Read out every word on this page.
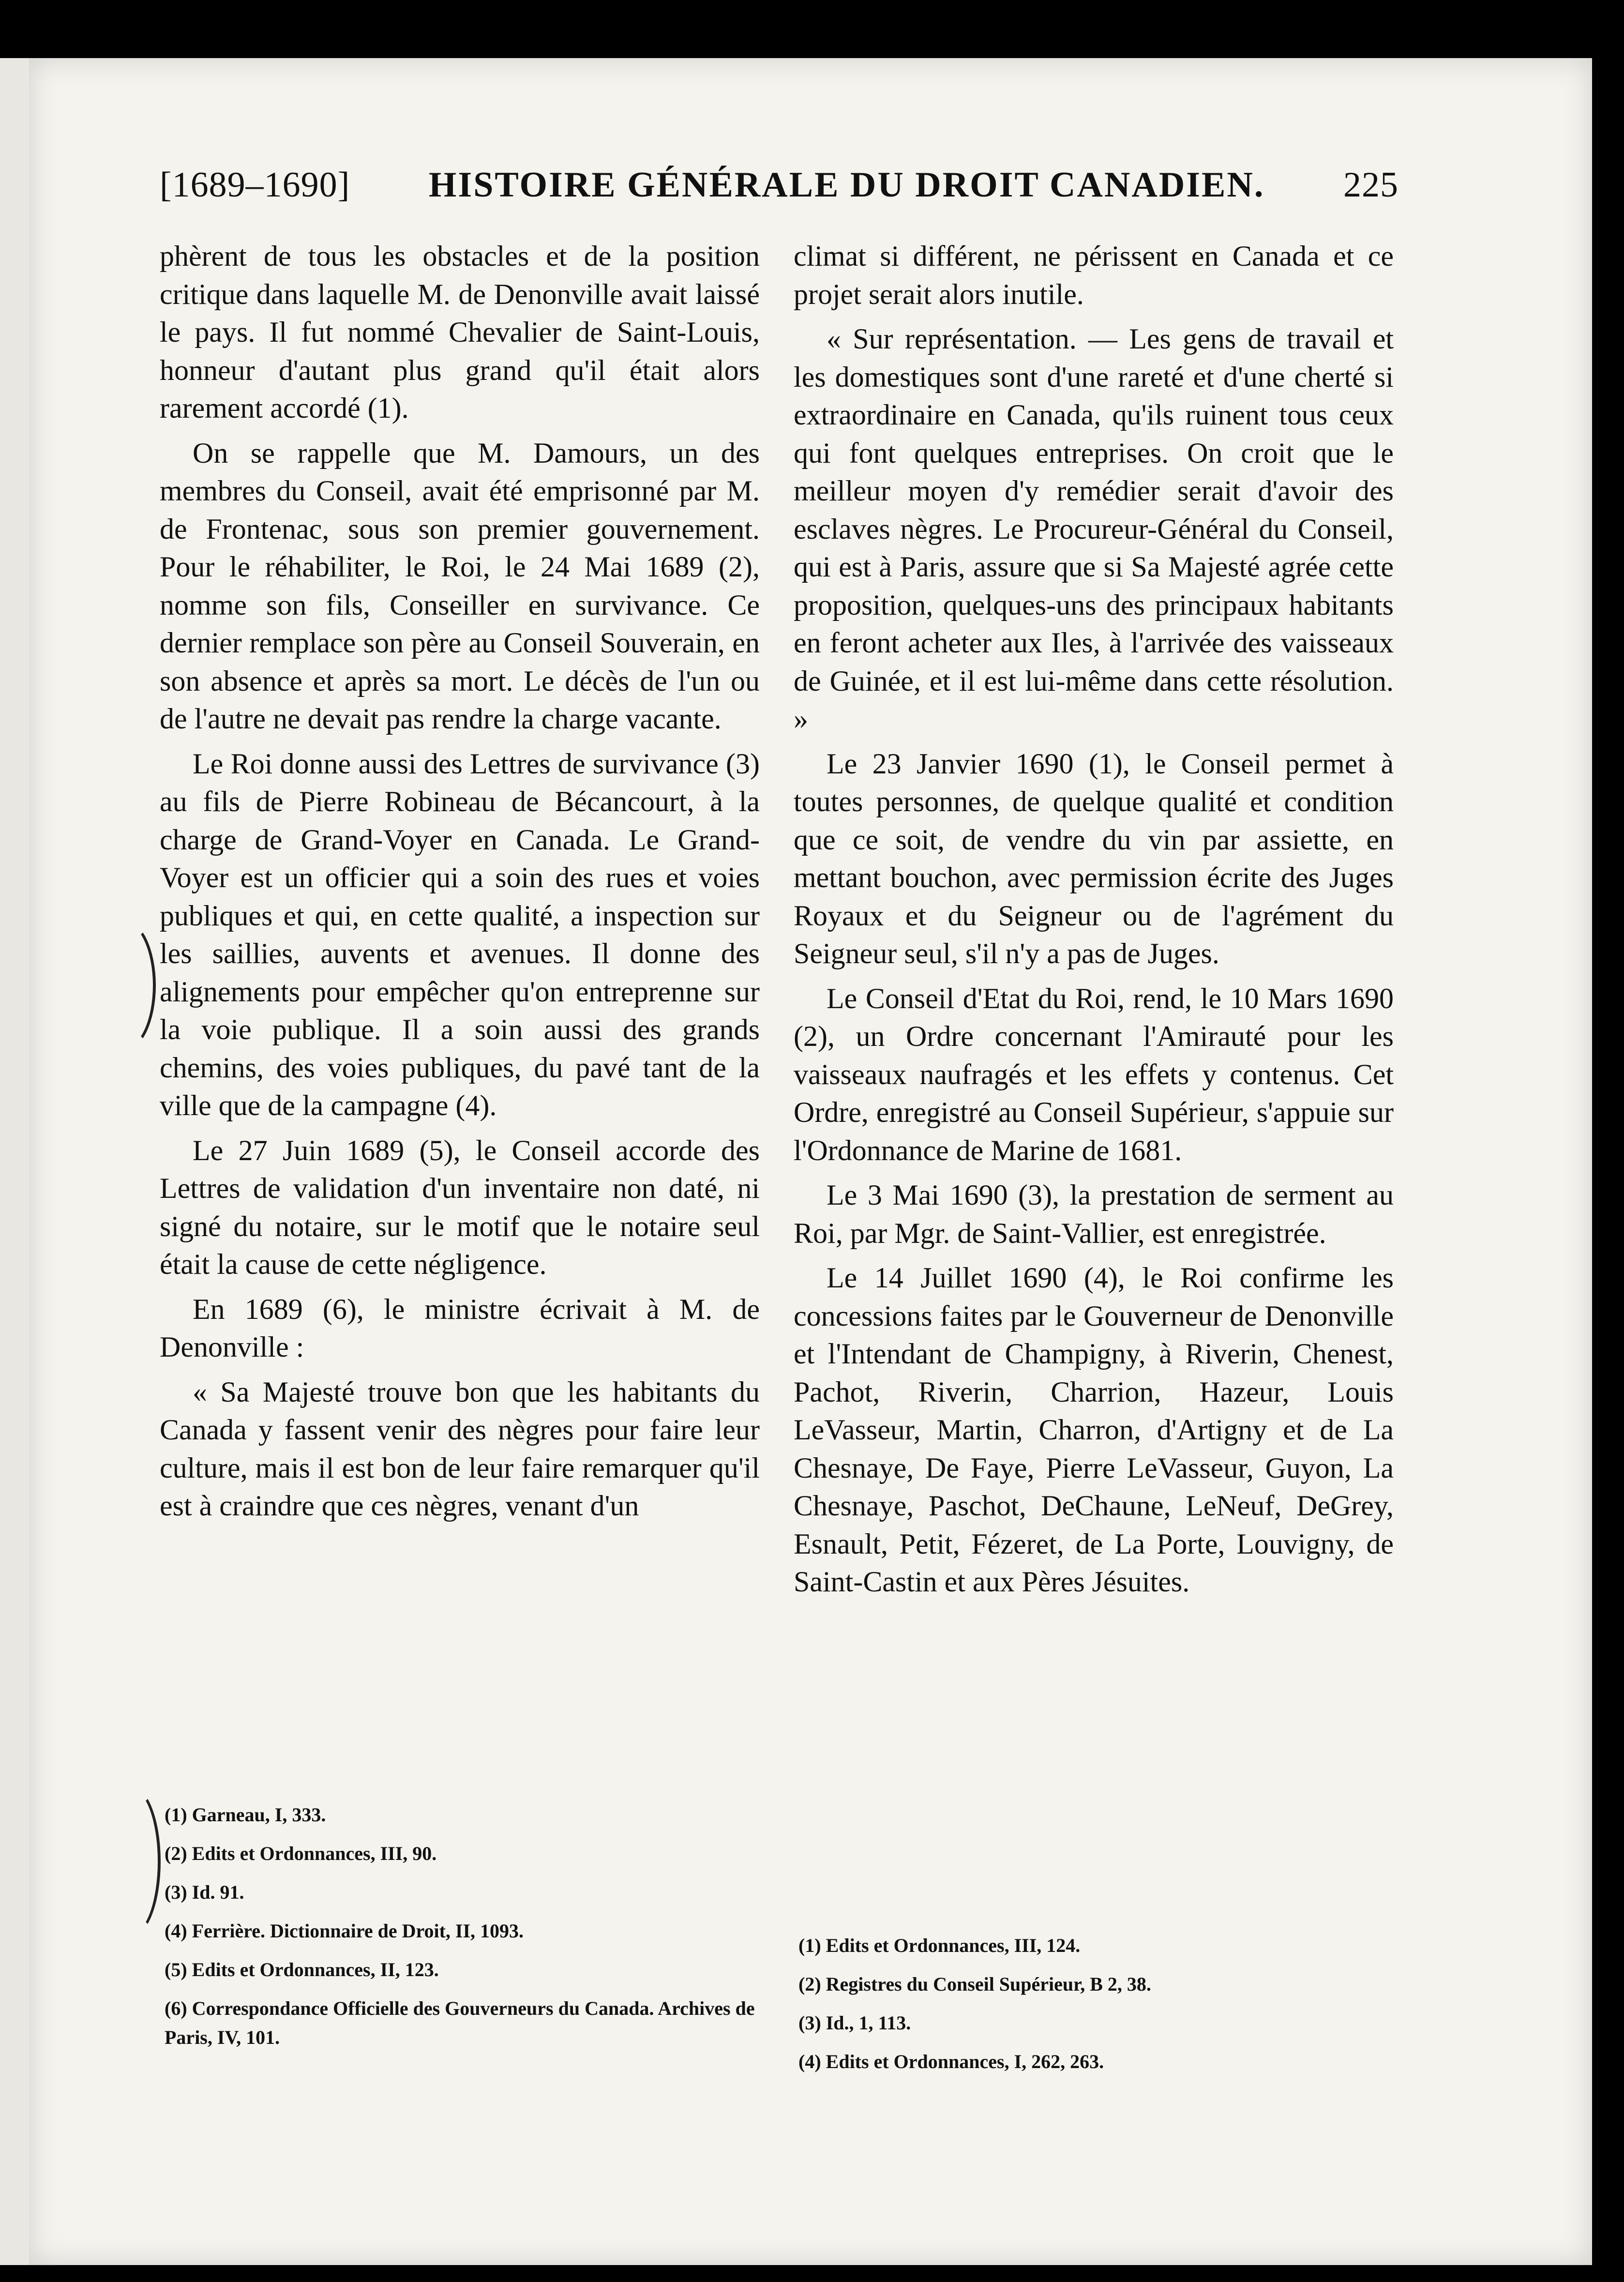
[1689–1690] HISTOIRE GÉNÉRALE DU DROIT CANADIEN. 225

phèrent de tous les obstacles et de la position critique dans laquelle M. de Denonville avait laissé le pays. Il fut nommé Chevalier de Saint-Louis, honneur d'autant plus grand qu'il était alors rarement accordé (1).

On se rappelle que M. Damours, un des membres du Conseil, avait été emprisonné par M. de Frontenac, sous son premier gouvernement. Pour le réhabiliter, le Roi, le 24 Mai 1689 (2), nomme son fils, Conseiller en survivance. Ce dernier remplace son père au Conseil Souverain, en son absence et après sa mort. Le décès de l'un ou de l'autre ne devait pas rendre la charge vacante.

Le Roi donne aussi des Lettres de survivance (3) au fils de Pierre Robineau de Bécancourt, à la charge de Grand-Voyer en Canada. Le Grand-Voyer est un officier qui a soin des rues et voies publiques et qui, en cette qualité, a inspection sur les saillies, auvents et avenues. Il donne des alignements pour empêcher qu'on entreprenne sur la voie publique. Il a soin aussi des grands chemins, des voies publiques, du pavé tant de la ville que de la campagne (4).

Le 27 Juin 1689 (5), le Conseil accorde des Lettres de validation d'un inventaire non daté, ni signé du notaire, sur le motif que le notaire seul était la cause de cette négligence.

En 1689 (6), le ministre écrivait à M. de Denonville :

« Sa Majesté trouve bon que les habitants du Canada y fassent venir des nègres pour faire leur culture, mais il est bon de leur faire remarquer qu'il est à craindre que ces nègres, venant d'un

climat si différent, ne périssent en Canada et ce projet serait alors inutile.

« Sur représentation. — Les gens de travail et les domestiques sont d'une rareté et d'une cherté si extraordinaire en Canada, qu'ils ruinent tous ceux qui font quelques entreprises. On croit que le meilleur moyen d'y remédier serait d'avoir des esclaves nègres. Le Procureur-Général du Conseil, qui est à Paris, assure que si Sa Majesté agrée cette proposition, quelques-uns des principaux habitants en feront acheter aux Iles, à l'arrivée des vaisseaux de Guinée, et il est lui-même dans cette résolution. »

Le 23 Janvier 1690 (1), le Conseil permet à toutes personnes, de quelque qualité et condition que ce soit, de vendre du vin par assiette, en mettant bouchon, avec permission écrite des Juges Royaux et du Seigneur ou de l'agrément du Seigneur seul, s'il n'y a pas de Juges.

Le Conseil d'Etat du Roi, rend, le 10 Mars 1690 (2), un Ordre concernant l'Amirauté pour les vaisseaux naufragés et les effets y contenus. Cet Ordre, enregistré au Conseil Supérieur, s'appuie sur l'Ordonnance de Marine de 1681.

Le 3 Mai 1690 (3), la prestation de serment au Roi, par Mgr. de Saint-Vallier, est enregistrée.

Le 14 Juillet 1690 (4), le Roi confirme les concessions faites par le Gouverneur de Denonville et l'Intendant de Champigny, à Riverin, Chenest, Pachot, Riverin, Charrion, Hazeur, Louis LeVasseur, Martin, Charron, d'Artigny et de La Chesnaye, De Faye, Pierre LeVasseur, Guyon, La Chesnaye, Paschot, DeChaune, LeNeuf, DeGrey, Esnault, Petit, Fézeret, de La Porte, Louvigny, de Saint-Castin et aux Pères Jésuites.

(1) Garneau, I, 333.
(2) Edits et Ordonnances, III, 90.
(3) Id. 91.
(4) Ferrière. Dictionnaire de Droit, II, 1093.
(5) Edits et Ordonnances, II, 123.
(6) Correspondance Officielle des Gouverneurs du Canada. Archives de Paris, IV, 101.
(1) Edits et Ordonnances, III, 124.
(2) Registres du Conseil Supérieur, B 2, 38.
(3) Id., 1, 113.
(4) Edits et Ordonnances, I, 262, 263.
